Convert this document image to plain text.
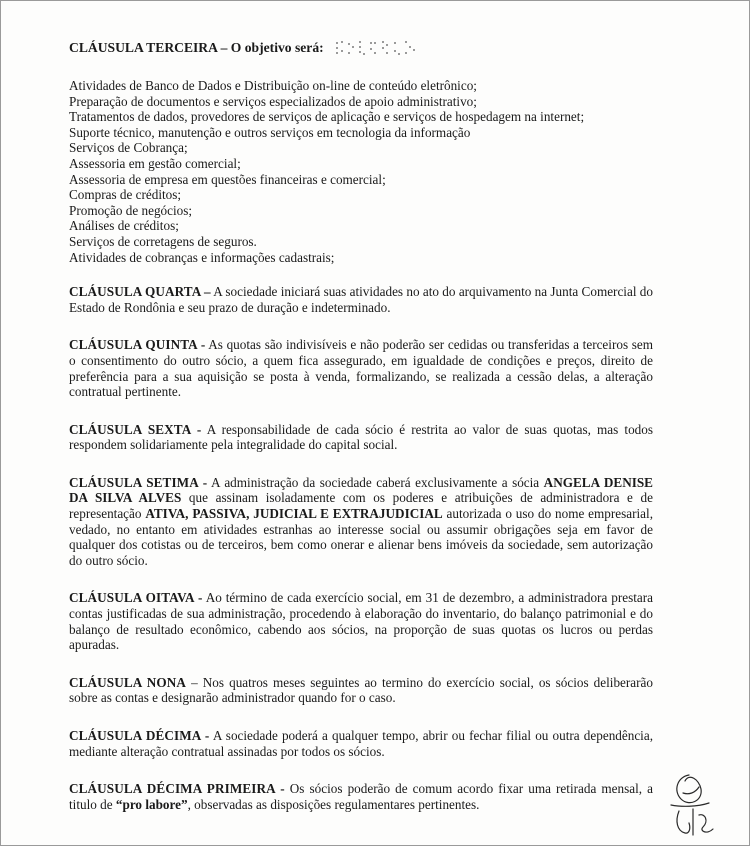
CLÁUSULA TERCEIRA – O objetivo será:
Atividades de Banco de Dados e Distribuição on-line de conteúdo eletrônico;
Preparação de documentos e serviços especializados de apoio administrativo;
Tratamentos de dados, provedores de serviços de aplicação e serviços de hospedagem na internet;
Suporte técnico, manutenção e outros serviços em tecnologia da informação
Serviços de Cobrança;
Assessoria em gestão comercial;
Assessoria de empresa em questões financeiras e comercial;
Compras de créditos;
Promoção de negócios;
Análises de créditos;
Serviços de corretagens de seguros.
Atividades de cobranças e informações cadastrais;

CLÁUSULA QUARTA – A sociedade iniciará suas atividades no ato do arquivamento na Junta Comercial do Estado de Rondônia e seu prazo de duração e indeterminado.

CLÁUSULA QUINTA - As quotas são indivisíveis e não poderão ser cedidas ou transferidas a terceiros sem o consentimento do outro sócio, a quem fica assegurado, em igualdade de condições e preços, direito de preferência para a sua aquisição se posta à venda, formalizando, se realizada a cessão delas, a alteração contratual pertinente.

CLÁUSULA SEXTA - A responsabilidade de cada sócio é restrita ao valor de suas quotas, mas todos respondem solidariamente pela integralidade do capital social.

CLÁUSULA SETIMA - A administração da sociedade caberá exclusivamente a sócia ANGELA DENISE DA SILVA ALVES que assinam isoladamente com os poderes e atribuições de administradora e de representação ATIVA, PASSIVA, JUDICIAL E EXTRAJUDICIAL autorizada o uso do nome empresarial, vedado, no entanto em atividades estranhas ao interesse social ou assumir obrigações seja em favor de qualquer dos cotistas ou de terceiros, bem como onerar e alienar bens imóveis da sociedade, sem autorização do outro sócio.

CLÁUSULA OITAVA - Ao término de cada exercício social, em 31 de dezembro, a administradora prestara contas justificadas de sua administração, procedendo à elaboração do inventario, do balanço patrimonial e do balanço de resultado econômico, cabendo aos sócios, na proporção de suas quotas os lucros ou perdas apuradas.

CLÁUSULA NONA – Nos quatros meses seguintes ao termino do exercício social, os sócios deliberarão sobre as contas e designarão administrador quando for o caso.

CLÁUSULA DÉCIMA - A sociedade poderá a qualquer tempo, abrir ou fechar filial ou outra dependência, mediante alteração contratual assinadas por todos os sócios.

CLÁUSULA DÉCIMA PRIMEIRA - Os sócios poderão de comum acordo fixar uma retirada mensal, a titulo de “pro labore”, observadas as disposições regulamentares pertinentes.
